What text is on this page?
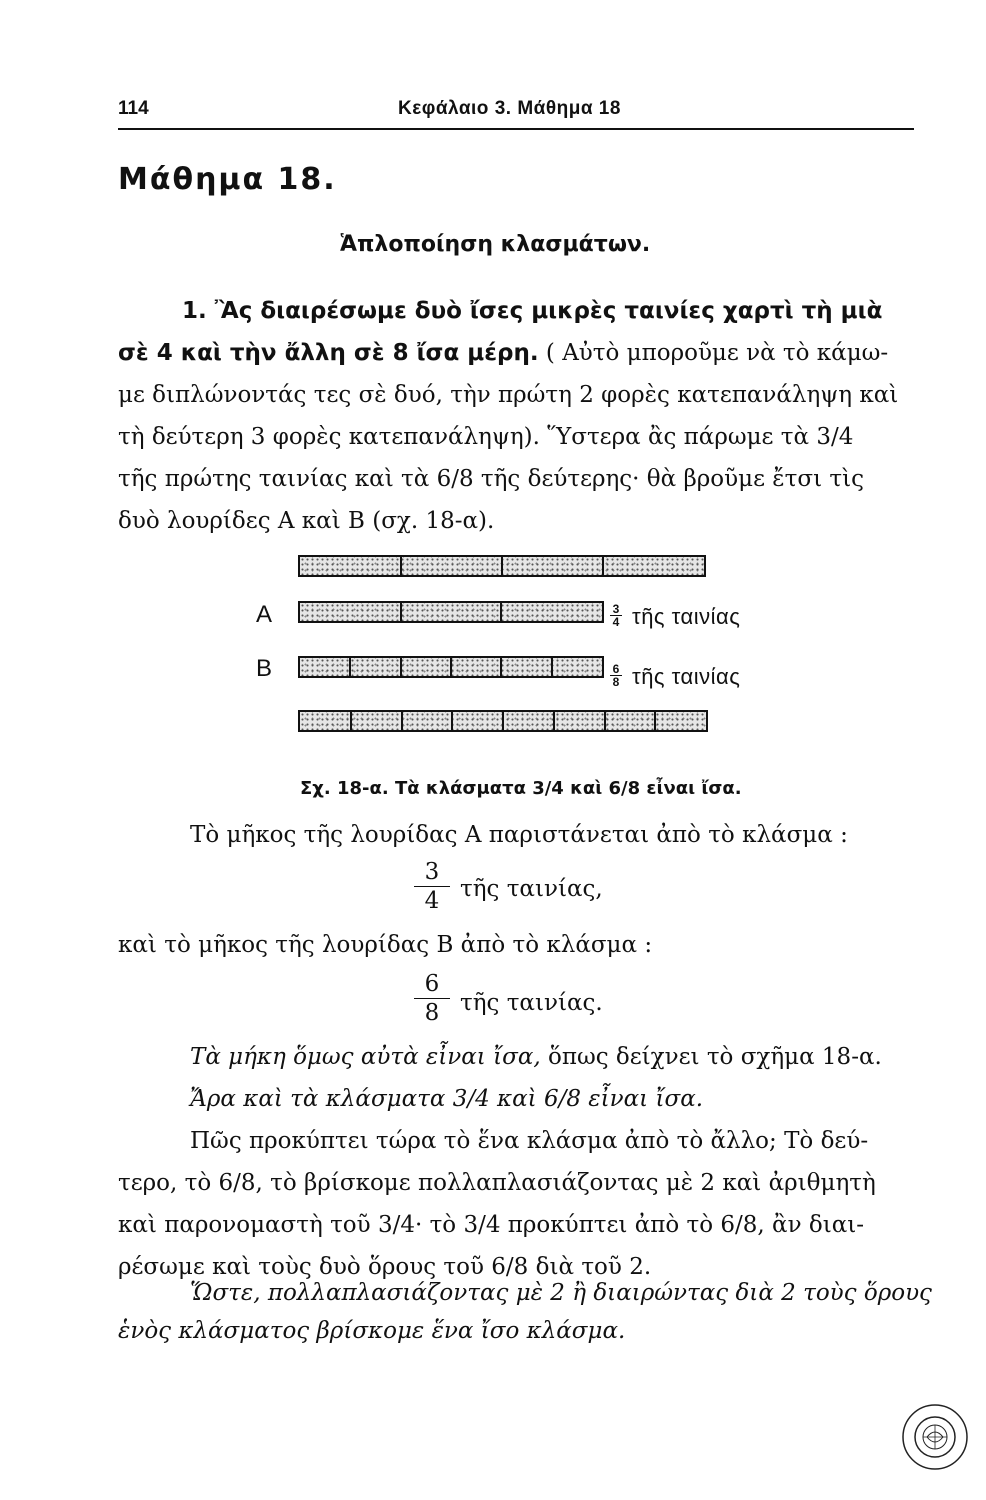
114	Κεφάλαιο 3. Μάθημα 18
Μάθημα 18.
Ἁπλοποίηση κλασμάτων.
1. Ἂς διαιρέσωμε δυὸ ἴσες μικρὲς ταινίες χαρτὶ τὴ μιὰ
σὲ 4 καὶ τὴν ἄλλη σὲ 8 ἴσα μέρη. ( Αὐτὸ μποροῦμε νὰ τὸ κάμω-
με διπλώνοντάς τες σὲ δυό, τὴν πρώτη 2 φορὲς κατεπανάληψη καὶ
τὴ δεύτερη 3 φορὲς κατεπανάληψη). Ὕστερα ἂς πάρωμε τὰ 3/4
τῆς πρώτης ταινίας καὶ τὰ 6/8 τῆς δεύτερης· θὰ βροῦμε ἔτσι τὶς
δυὸ λουρίδες Α καὶ Β (σχ. 18-α).
Α	$\frac{3}{4}$ τῆς ταινίας
Β	$\frac{6}{8}$ τῆς ταινίας
Σχ. 18-α. Τὰ κλάσματα 3/4 καὶ 6/8 εἶναι ἴσα.
Τὸ μῆκος τῆς λουρίδας Α παριστάνεται ἀπὸ τὸ κλάσμα :
3
4 τῆς ταινίας,
καὶ τὸ μῆκος τῆς λουρίδας Β ἀπὸ τὸ κλάσμα :
6
8 τῆς ταινίας.
Τὰ μήκη ὅμως αὐτὰ εἶναι ἴσα, ὅπως δείχνει τὸ σχῆμα 18-α.
Ἄρα καὶ τὰ κλάσματα 3/4 καὶ 6/8 εἶναι ἴσα.
Πῶς προκύπτει τώρα τὸ ἕνα κλάσμα ἀπὸ τὸ ἄλλο; Τὸ δεύ-
τερο, τὸ 6/8, τὸ βρίσκομε πολλαπλασιάζοντας μὲ 2 καὶ ἀριθμητὴ
καὶ παρονομαστὴ τοῦ 3/4· τὸ 3/4 προκύπτει ἀπὸ τὸ 6/8, ἂν διαι-
ρέσωμε καὶ τοὺς δυὸ ὅρους τοῦ 6/8 διὰ τοῦ 2.
Ὥστε, πολλαπλασιάζοντας μὲ 2 ἢ διαιρώντας διὰ 2 τοὺς ὅρους
ἑνὸς κλάσματος βρίσκομε ἕνα ἴσο κλάσμα.
